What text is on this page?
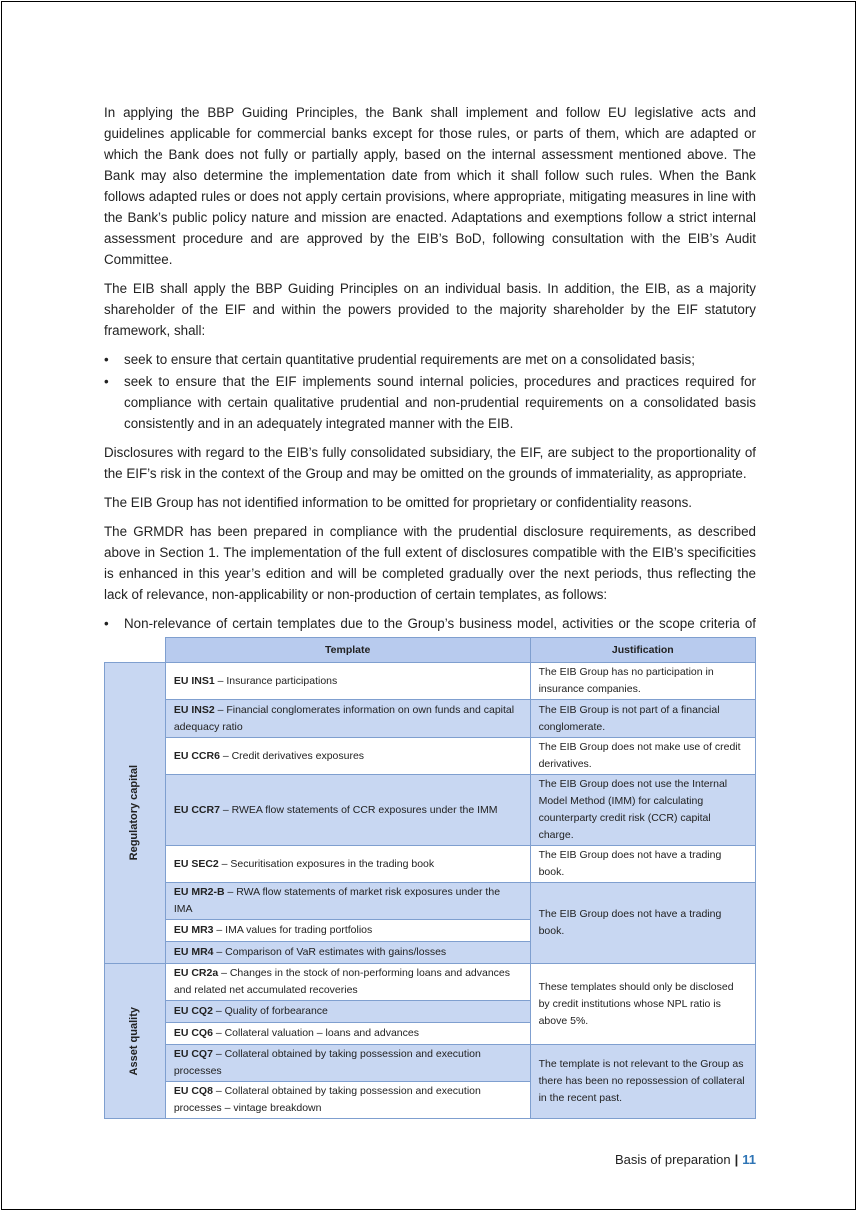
In applying the BBP Guiding Principles, the Bank shall implement and follow EU legislative acts and guidelines applicable for commercial banks except for those rules, or parts of them, which are adapted or which the Bank does not fully or partially apply, based on the internal assessment mentioned above. The Bank may also determine the implementation date from which it shall follow such rules. When the Bank follows adapted rules or does not apply certain provisions, where appropriate, mitigating measures in line with the Bank’s public policy nature and mission are enacted. Adaptations and exemptions follow a strict internal assessment procedure and are approved by the EIB’s BoD, following consultation with the EIB’s Audit Committee.

The EIB shall apply the BBP Guiding Principles on an individual basis. In addition, the EIB, as a majority shareholder of the EIF and within the powers provided to the majority shareholder by the EIF statutory framework, shall:

• seek to ensure that certain quantitative prudential requirements are met on a consolidated basis;
• seek to ensure that the EIF implements sound internal policies, procedures and practices required for compliance with certain qualitative prudential and non-prudential requirements on a consolidated basis consistently and in an adequately integrated manner with the EIB.

Disclosures with regard to the EIB’s fully consolidated subsidiary, the EIF, are subject to the proportionality of the EIF’s risk in the context of the Group and may be omitted on the grounds of immateriality, as appropriate.

The EIB Group has not identified information to be omitted for proprietary or confidentiality reasons.

The GRMDR has been prepared in compliance with the prudential disclosure requirements, as described above in Section 1. The implementation of the full extent of disclosures compatible with the EIB’s specificities is enhanced in this year’s edition and will be completed gradually over the next periods, thus reflecting the lack of relevance, non-applicability or non-production of certain templates, as follows:

• Non-relevance of certain templates due to the Group’s business model, activities or the scope criteria of
	Template	Justification

Regulatory capital	EU INS1 – Insurance participations	The EIB Group has no participation in insurance companies.
	EU INS2 – Financial conglomerates information on own funds and capital adequacy ratio	The EIB Group is not part of a financial conglomerate.
	EU CCR6 – Credit derivatives exposures	The EIB Group does not make use of credit derivatives.
	EU CCR7 – RWEA flow statements of CCR exposures under the IMM	The EIB Group does not use the Internal Model Method (IMM) for calculating counterparty credit risk (CCR) capital charge.
	EU SEC2 – Securitisation exposures in the trading book	The EIB Group does not have a trading book.
	EU MR2-B – RWA flow statements of market risk exposures under the IMA	The EIB Group does not have a trading book.
	EU MR3 – IMA values for trading portfolios	
	EU MR4 – Comparison of VaR estimates with gains/losses	

Asset quality	EU CR2a – Changes in the stock of non-performing loans and advances and related net accumulated recoveries	These templates should only be disclosed by credit institutions whose NPL ratio is above 5%.
	EU CQ2 – Quality of forbearance	
	EU CQ6 – Collateral valuation – loans and advances	
	EU CQ7 – Collateral obtained by taking possession and execution processes	The template is not relevant to the Group as there has been no repossession of collateral in the recent past.
	EU CQ8 – Collateral obtained by taking possession and execution processes – vintage breakdown	
Basis of preparation | 11
